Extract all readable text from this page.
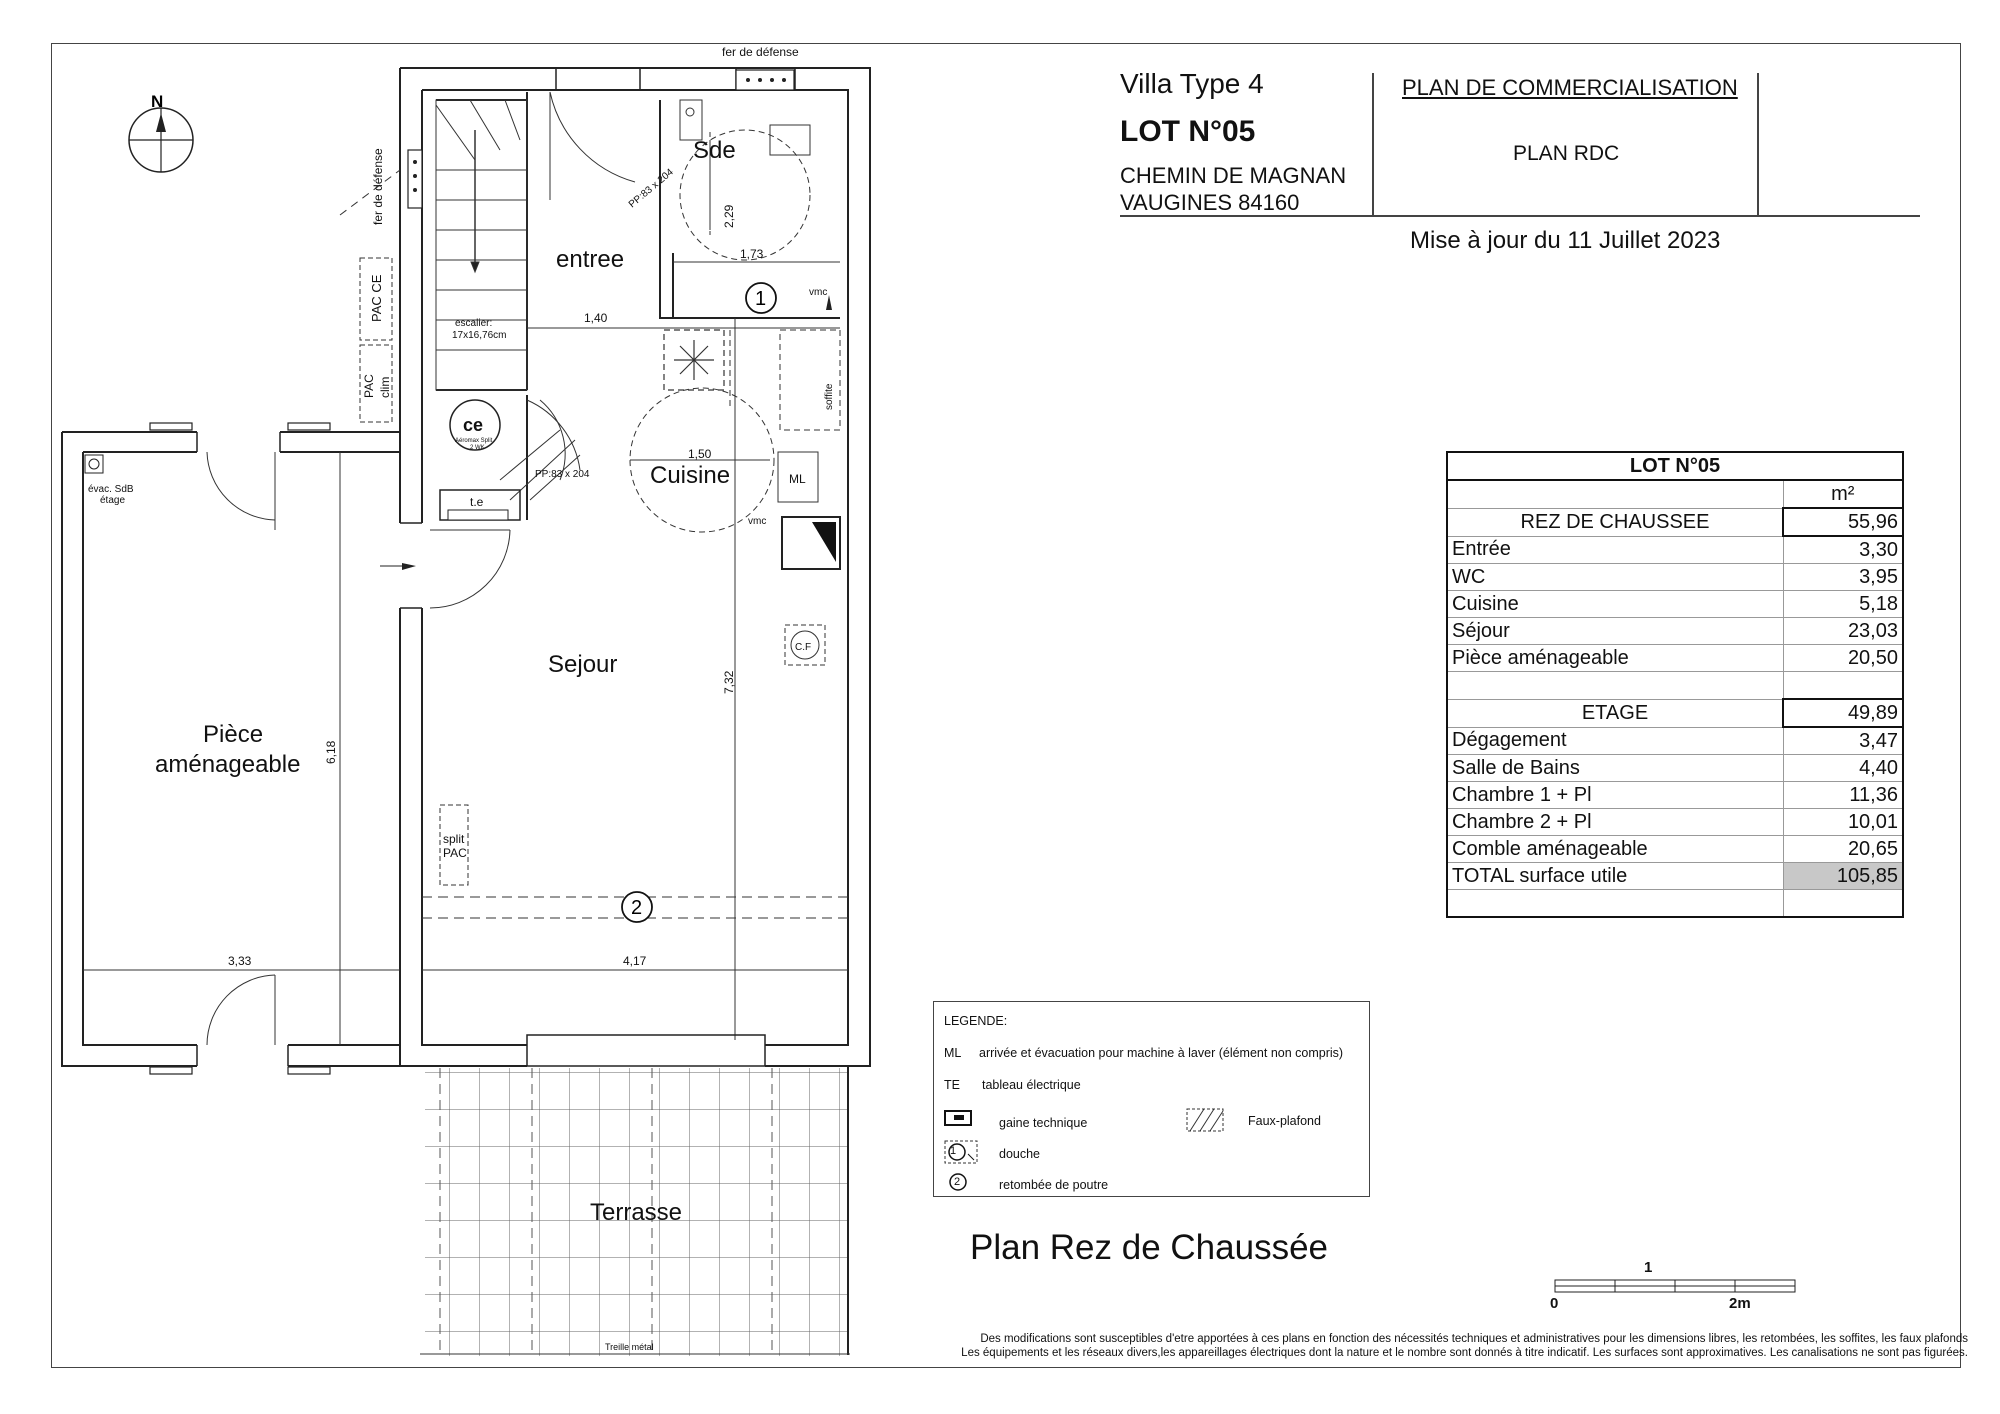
Villa Type 4
LOT N°05
CHEMIN DE MAGNAN
VAUGINES 84160
PLAN DE COMMERCIALISATION
PLAN RDC
Mise à jour du 11 Juillet 2023
N
1
2
fer de défense
fer de défense
PAC CE
PAC clim
Sde
entree
Cuisine
Sejour
Pièce
aménageable
Terrasse
évac. SdB
étage
escalier:
17x16,76cm
PP:83 x 204
PP:83 x 204
ce
Aéromax Split
2 WK
t.e
ML
vmc
vmc
soffite
C.F
split
PAC
Treille métal
2,29
1,73
1,40
1,50
7,32
6,18
3,33	4,17
LOT N°05	
	m²
REZ DE CHAUSSEE	55,96
Entrée	3,30
WC	3,95
Cuisine	5,18
Séjour	23,03
Pièce aménageable	20,50

ETAGE	49,89
Dégagement	3,47
Salle de Bains	4,40
Chambre 1 + Pl	11,36
Chambre 2 + Pl	10,01
Comble aménageable	20,65
TOTAL surface utile	105,85

LEGENDE:
ML arrivée et évacuation pour machine à laver (élément non compris)
TE tableau électrique
gaine technique	Faux-plafond
1	douche
2	retombée de poutre
Plan Rez de Chaussée
0
1
2m
Des modifications sont susceptibles d'etre apportées à ces plans en fonction des nécessités techniques et administratives pour les dimensions libres, les retombées, les soffites, les faux plafonds
Les équipements et les réseaux divers,les appareillages électriques dont la nature et le nombre sont donnés à titre indicatif. Les surfaces sont approximatives. Les canalisations ne sont pas figurées.
